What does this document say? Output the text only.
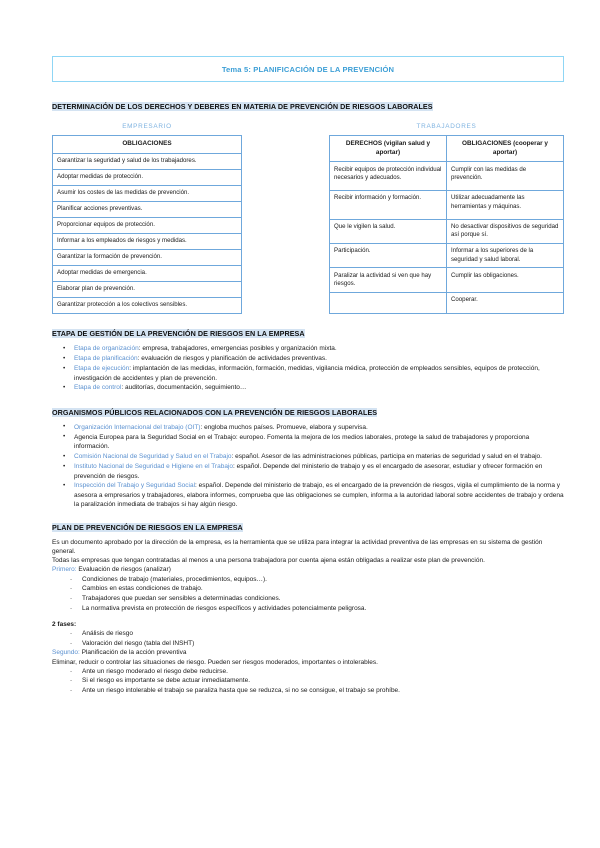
Tema 5: PLANIFICACIÓN DE LA PREVENCIÓN
DETERMINACIÓN DE LOS DERECHOS Y DEBERES EN MATERIA DE PREVENCIÓN DE RIESGOS LABORALES
EMPRESARIO
OBLIGACIONES
Garantizar la seguridad y salud de los trabajadores.
Adoptar medidas de protección.
Asumir los costes de las medidas de prevención.
Planificar acciones preventivas.
Proporcionar equipos de protección.
Informar a los empleados de riesgos y medidas.
Garantizar la formación de prevención.
Adoptar medidas de emergencia.
Elaborar plan de prevención.
Garantizar protección a los colectivos sensibles.
TRABAJADORES
DERECHOS (vigilan salud y aportar)	OBLIGACIONES (cooperar y aportar)
Recibir equipos de protección individual necesarios y adecuados.	Cumplir con las medidas de prevención.
Recibir información y formación.	Utilizar adecuadamente las herramientas y máquinas.
Que le vigilen la salud.	No desactivar dispositivos de seguridad así porque sí.
Participación.	Informar a los superiores de la seguridad y salud laboral.
Paralizar la actividad si ven que hay riesgos.	Cumplir las obligaciones.
	Cooperar.
ETAPA DE GESTIÓN DE LA PREVENCIÓN DE RIESGOS EN LA EMPRESA
• Etapa de organización: empresa, trabajadores, emergencias posibles y organización mixta.
• Etapa de planificación: evaluación de riesgos y planificación de actividades preventivas.
• Etapa de ejecución: implantación de las medidas, información, formación, medidas, vigilancia médica, protección de empleados sensibles, equipos de protección, investigación de accidentes y plan de prevención.
• Etapa de control: auditorías, documentación, seguimiento…
ORGANISMOS PÚBLICOS RELACIONADOS CON LA PREVENCIÓN DE RIESGOS LABORALES
• Organización Internacional del trabajo (OIT): engloba muchos países. Promueve, elabora y supervisa.
• Agencia Europea para la Seguridad Social en el Trabajo: europeo. Fomenta la mejora de los medios laborales, protege la salud de trabajadores y proporciona información.
• Comisión Nacional de Seguridad y Salud en el Trabajo: español. Asesor de las administraciones públicas, participa en materias de seguridad y salud en el trabajo.
• Instituto Nacional de Seguridad e Higiene en el Trabajo: español. Depende del ministerio de trabajo y es el encargado de asesorar, estudiar y ofrecer formación en prevención de riesgos.
• Inspección del Trabajo y Seguridad Social: español. Depende del ministerio de trabajo, es el encargado de la prevención de riesgos, vigila el cumplimiento de la norma y asesora a empresarios y trabajadores, elabora informes, comprueba que las obligaciones se cumplen, informa a la autoridad laboral sobre accidentes de trabajo y ordena la paralización inmediata de trabajos si hay algún riesgo.
PLAN DE PREVENCIÓN DE RIESGOS EN LA EMPRESA

Es un documento aprobado por la dirección de la empresa, es la herramienta que se utiliza para integrar la actividad preventiva de las empresas en su sistema de gestión general.

Todas las empresas que tengan contratadas al menos a una persona trabajadora por cuenta ajena están obligadas a realizar este plan de prevención.

Primero: Evaluación de riesgos (analizar)

- Condiciones de trabajo (materiales, procedimientos, equipos…).
- Cambios en estas condiciones de trabajo.
- Trabajadores que puedan ser sensibles a determinadas condiciones.
- La normativa prevista en protección de riesgos específicos y actividades potencialmente peligrosa.

2 fases:

- Análisis de riesgo
- Valoración del riesgo (tabla del INSHT)

Segundo: Planificación de la acción preventiva

Eliminar, reducir o controlar las situaciones de riesgo. Pueden ser riesgos moderados, importantes o intolerables.

- Ante un riesgo moderado el riesgo debe reducirse.
- Si el riesgo es importante se debe actuar inmediatamente.
- Ante un riesgo intolerable el trabajo se paraliza hasta que se reduzca, si no se consigue, el trabajo se prohíbe.
